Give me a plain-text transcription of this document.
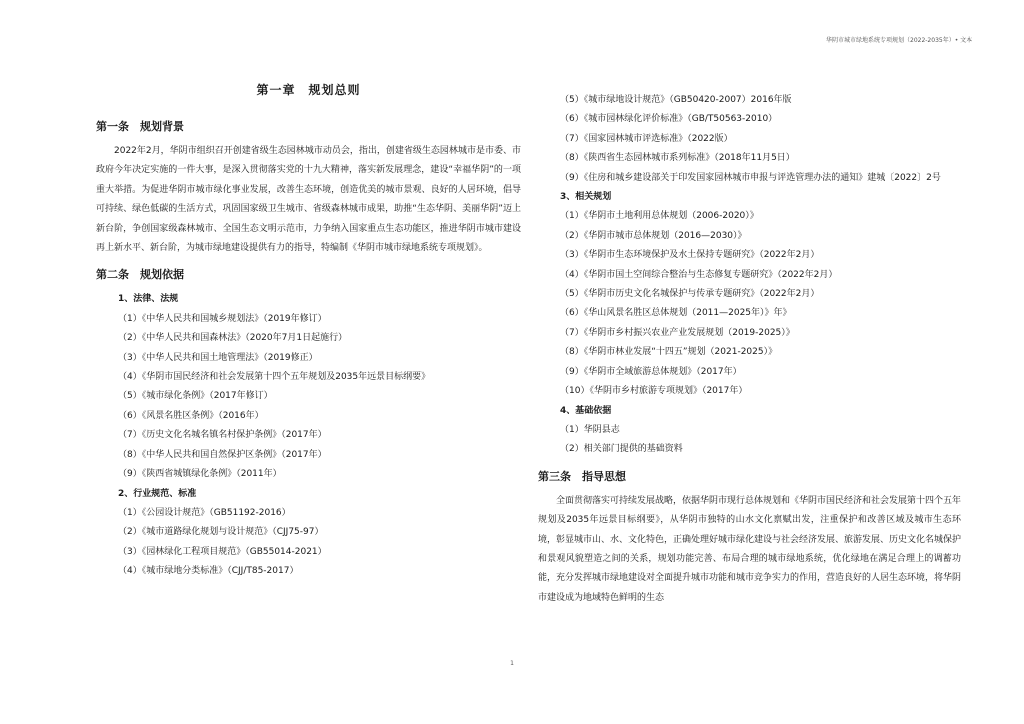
华阴市城市绿地系统专项规划（2022-2035年）• 文本
第一章　规划总则
第一条　规划背景

2022年2月，华阴市组织召开创建省级生态园林城市动员会，指出，创建省级生态园林城市是市委、市政府今年决定实施的一件大事，是深入贯彻落实党的十九大精神，落实新发展理念，建设“幸福华阴”的一项重大举措。为促进华阴市城市绿化事业发展，改善生态环境，创造优美的城市景观、良好的人居环境，倡导可持续、绿色低碳的生活方式，巩固国家级卫生城市、省级森林城市成果，助推“生态华阴、美丽华阴”迈上新台阶，争创国家级森林城市、全国生态文明示范市，力争纳入国家重点生态功能区，推进华阴市城市建设再上新水平、新台阶，为城市绿地建设提供有力的指导，特编制《华阴市城市绿地系统专项规划》。

第二条　规划依据

1、法律、法规

（1）《中华人民共和国城乡规划法》（2019年修订）

（2）《中华人民共和国森林法》（2020年7月1日起施行）

（3）《中华人民共和国土地管理法》（2019修正）

（4）《华阴市国民经济和社会发展第十四个五年规划及2035年远景目标纲要》

（5）《城市绿化条例》（2017年修订）

（6）《风景名胜区条例》（2016年）

（7）《历史文化名城名镇名村保护条例》（2017年）

（8）《中华人民共和国自然保护区条例》（2017年）

（9）《陕西省城镇绿化条例》（2011年）

2、行业规范、标准

（1）《公园设计规范》（GB51192-2016）

（2）《城市道路绿化规划与设计规范》（CJJ75-97）

（3）《园林绿化工程项目规范》（GB55014-2021）

（4）《城市绿地分类标准》（CJJ/T85-2017）

（5）《城市绿地设计规范》（GB50420-2007）2016年版

（6）《城市园林绿化评价标准》（GB/T50563-2010）

（7）《国家园林城市评选标准》（2022版）

（8）《陕西省生态园林城市系列标准》（2018年11月5日）

（9）《住房和城乡建设部关于印发国家园林城市申报与评选管理办法的通知》建城〔2022〕2号

3、相关规划

（1）《华阴市土地利用总体规划（2006-2020）》

（2）《华阴市城市总体规划（2016—2030）》

（3）《华阴市生态环境保护及水土保持专题研究》（2022年2月）

（4）《华阴市国土空间综合整治与生态修复专题研究》（2022年2月）

（5）《华阴市历史文化名城保护与传承专题研究》（2022年2月）

（6）《华山风景名胜区总体规划（2011—2025年）》年》

（7）《华阴市乡村振兴农业产业发展规划（2019-2025）》

（8）《华阴市林业发展“十四五”规划（2021-2025）》

（9）《华阴市全域旅游总体规划》（2017年）

（10）《华阴市乡村旅游专项规划》（2017年）

4、基础依据

（1）华阴县志

（2）相关部门提供的基础资料

第三条　指导思想

全面贯彻落实可持续发展战略，依据华阴市现行总体规划和《华阴市国民经济和社会发展第十四个五年规划及2035年远景目标纲要》，从华阴市独特的山水文化禀赋出发，注重保护和改善区域及城市生态环境，彰显城市山、水、文化特色，正确处理好城市绿化建设与社会经济发展、旅游发展、历史文化名城保护和景观风貌塑造之间的关系，规划功能完善、布局合理的城市绿地系统，优化绿地在满足合理上的调蓄功能，充分发挥城市绿地建设对全面提升城市功能和城市竞争实力的作用，营造良好的人居生态环境，将华阴市建设成为地域特色鲜明的生态

1
